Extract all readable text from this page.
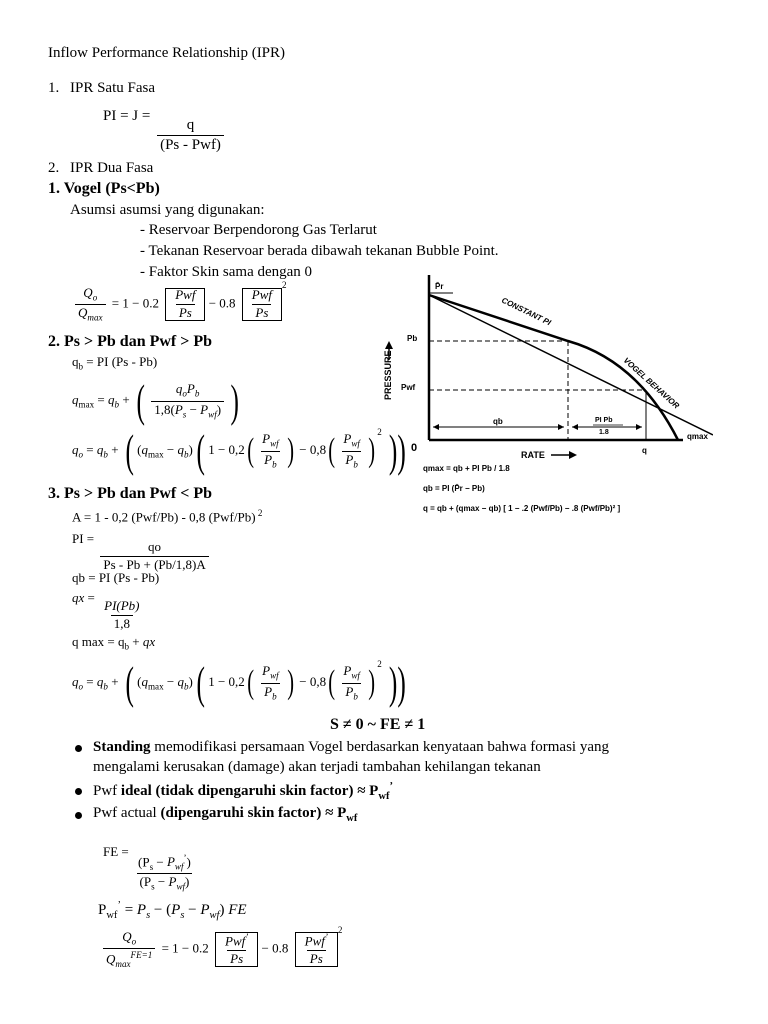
Inflow Performance Relationship (IPR)
1. IPR Satu Fasa
PI = J =
$\frac{q}{\text{(Ps - Pwf)}}$
2. IPR Dua Fasa
1. Vogel (Ps<Pb)
Asumsi asumsi yang digunakan:
- Reservoar Berpendorong Gas Terlarut
- Tekanan Reservoar berada dibawah tekanan Bubble Point.
- Faktor Skin sama dengan 0
$\frac{Q_o}{Q_{max}} = 1 - 0.2 \frac{\text{Pwf}}{Ps} - 0.8 \frac{\text{Pwf}}{Ps}$
$^2$
2. Ps > Pb dan Pwf > Pb
$q_b$ = PI (Ps - Pb)
$q_{max} = q_b$ + ( $\frac{q_oP_b}{1,8(P_s - P_{wf})}$ )
$q_o = q_b$ + ( $(q_{max} - q_b)$( $1 - 0,2( \frac{P_{wf}}{P_b}$ ) − $0,8( \frac{P_{wf}}{P_b} )^2$ ))
3. Ps > Pb dan Pwf < Pb
A = 1 - 0,2 (Pwf/Pb) - 0,8 (Pwf/Pb) $^2$
PI =
$\frac{qo}{Ps - Pb + (Pb/1,8)A}$
qb = PI (Ps - Pb)
qx =
$\frac{PI(Pb)}{1,8}$
q $\max = q_b$ + qx
$q_o = q_b$ + ( $(q_{max} - q_b)$( $1 - 0,2( \frac{P_{wf}}{P_b}$ ) − $0,8( \frac{P_{wf}}{P_b} )^2$ ))
S ≠ 0 ~ FE ≠ 1
Standing memodifikasi persamaan Vogel berdasarkan kenyataan bahwa formasi yang
mengalami kerusakan (damage) akan terjadi tambahan kehilangan tekanan
Pwf ideal (tidak dipengaruhi skin factor) ≈ $P_{wf}^’$
Pwf actual (dipengaruhi skin factor) ≈ $P_{wf}$
FE =
$\frac{(P_s - P_{wf}^’)}{(P_s - P_{wf})}$
$P_{wf}^’ = P_s - (P_s - P_{wf})$ FE
$\frac{Q_o}{Q_{max}^{FE=1}} = 1 - 0.2 \frac{Pwf^’}{Ps} - 0.8 \frac{Pwf^’}{Ps}$
$^2$
PRESSURE
RATE
0
CONSTANT PI
VOGEL BEHAVIOR
P̄r
Pb
Pwf
qb	PI Pb
1.8
q
qmax
qmax = qb + PI Pb / 1.8
qb = PI (P̄r − Pb)
q = qb + (qmax − qb) [ 1 − .2 (Pwf/Pb) − .8 (Pwf/Pb)² ]
